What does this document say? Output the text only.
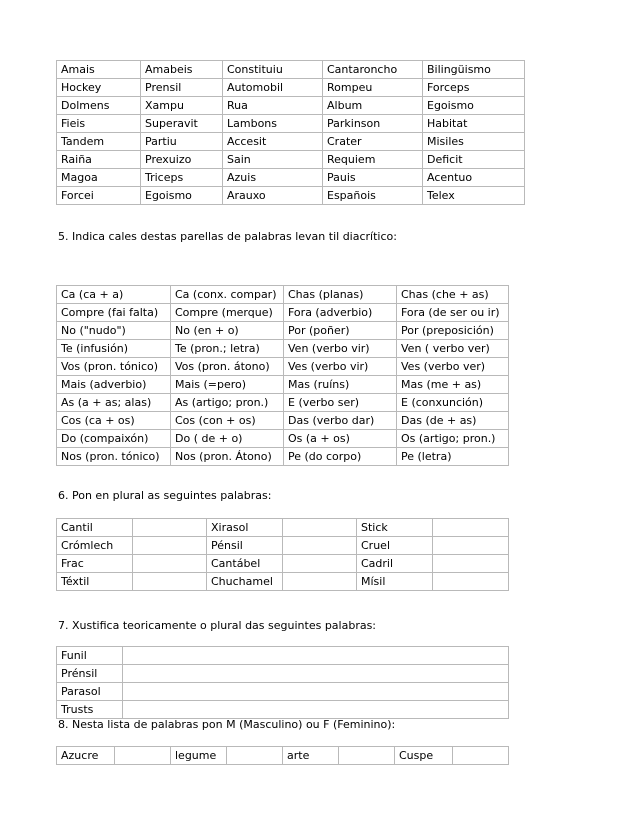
Amais	Amabeis	Constituiu	Cantaroncho	Bilingüismo
Hockey	Prensil	Automobil	Rompeu	Forceps
Dolmens	Xampu	Rua	Album	Egoismo
Fieis	Superavit	Lambons	Parkinson	Habitat
Tandem	Partiu	Accesit	Crater	Misiles
Raiña	Prexuizo	Sain	Requiem	Deficit
Magoa	Triceps	Azuis	Pauis	Acentuo
Forcei	Egoismo	Arauxo	Españois	Telex
5. Indica cales destas parellas de palabras levan til diacrítico:
Ca (ca + a)	Ca (conx. compar)	Chas (planas)	Chas (che + as)
Compre (fai falta)	Compre (merque)	Fora (adverbio)	Fora (de ser ou ir)
No ("nudo")	No (en + o)	Por (poñer)	Por (preposición)
Te (infusión)	Te (pron.; letra)	Ven (verbo vir)	Ven ( verbo ver)
Vos (pron. tónico)	Vos (pron. átono)	Ves (verbo vir)	Ves (verbo ver)
Mais (adverbio)	Mais (=pero)	Mas (ruíns)	Mas (me + as)
As (a + as; alas)	As (artigo; pron.)	E (verbo ser)	E (conxunción)
Cos (ca + os)	Cos (con + os)	Das (verbo dar)	Das (de + as)
Do (compaixón)	Do ( de + o)	Os (a + os)	Os (artigo; pron.)
Nos (pron. tónico)	Nos (pron. Átono)	Pe (do corpo)	Pe (letra)
6. Pon en plural as seguintes palabras:
Cantil		Xirasol		Stick	
Crómlech		Pénsil		Cruel	
Frac		Cantábel		Cadril	
Téxtil		Chuchamel		Mísil	
7. Xustifica teoricamente o plural das seguintes palabras:
Funil	
Prénsil	
Parasol	
Trusts	
8. Nesta lista de palabras pon M (Masculino) ou F (Feminino):
Azucre		legume		arte		Cuspe	
